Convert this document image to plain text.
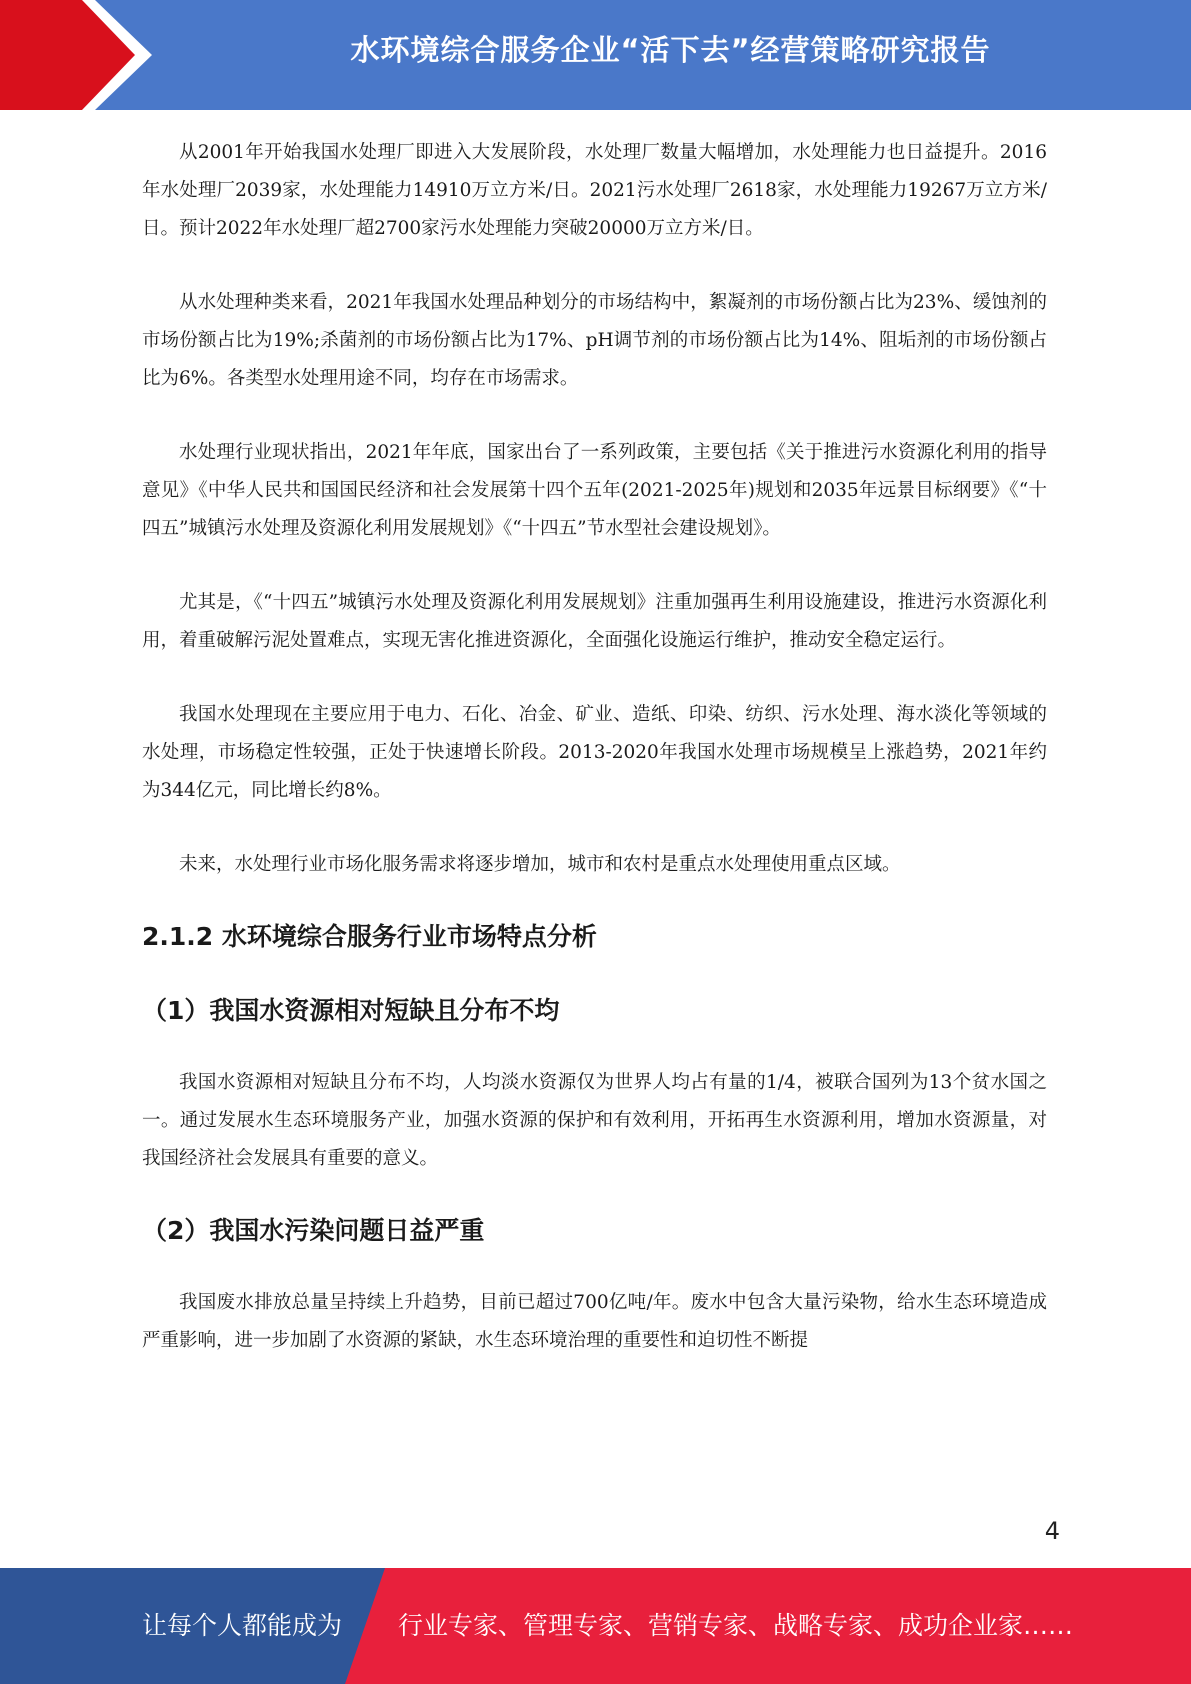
水环境综合服务企业“活下去”经营策略研究报告

从2001年开始我国水处理厂即进入大发展阶段，水处理厂数量大幅增加，水处理能力也日益提升。2016年水处理厂2039家，水处理能力14910万立方米/日。2021污水处理厂2618家，水处理能力19267万立方米/日。预计2022年水处理厂超2700家污水处理能力突破20000万立方米/日。

从水处理种类来看，2021年我国水处理品种划分的市场结构中，絮凝剂的市场份额占比为23%、缓蚀剂的市场份额占比为19%;杀菌剂的市场份额占比为17%、pH调节剂的市场份额占比为14%、阻垢剂的市场份额占比为6%。各类型水处理用途不同，均存在市场需求。

水处理行业现状指出，2021年年底，国家出台了一系列政策，主要包括《关于推进污水资源化利用的指导意见》《中华人民共和国国民经济和社会发展第十四个五年(2021-2025年)规划和2035年远景目标纲要》《“十四五”城镇污水处理及资源化利用发展规划》《“十四五”节水型社会建设规划》。

尤其是，《“十四五”城镇污水处理及资源化利用发展规划》注重加强再生利用设施建设，推进污水资源化利用，着重破解污泥处置难点，实现无害化推进资源化，全面强化设施运行维护，推动安全稳定运行。

我国水处理现在主要应用于电力、石化、冶金、矿业、造纸、印染、纺织、污水处理、海水淡化等领域的水处理，市场稳定性较强，正处于快速增长阶段。2013-2020年我国水处理市场规模呈上涨趋势，2021年约为344亿元，同比增长约8%。

未来，水处理行业市场化服务需求将逐步增加，城市和农村是重点水处理使用重点区域。

2.1.2 水环境综合服务行业市场特点分析
（1）我国水资源相对短缺且分布不均

我国水资源相对短缺且分布不均，人均淡水资源仅为世界人均占有量的1/4，被联合国列为13个贫水国之一。通过发展水生态环境服务产业，加强水资源的保护和有效利用，开拓再生水资源利用，增加水资源量，对我国经济社会发展具有重要的意义。

（2）我国水污染问题日益严重

我国废水排放总量呈持续上升趋势，目前已超过700亿吨/年。废水中包含大量污染物，给水生态环境造成严重影响，进一步加剧了水资源的紧缺，水生态环境治理的重要性和迫切性不断提

4
让每个人都能成为 行业专家、管理专家、营销专家、战略专家、成功企业家……
